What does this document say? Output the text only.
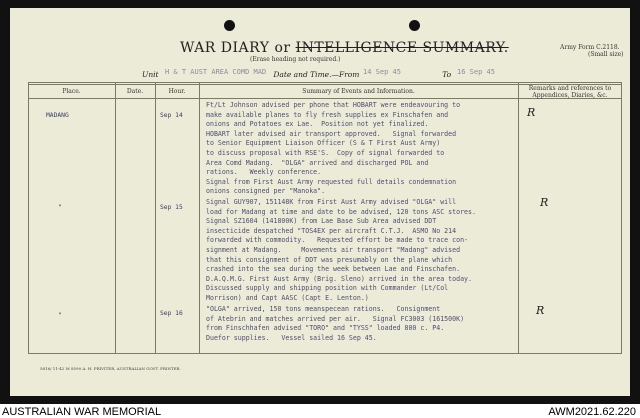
WAR DIARY or INTELLIGENCE SUMMARY.
(Erase heading not required.)
Army Form C.2118.
(Small size)
Unit	Date and Time.—From	To
H & T AUST AREA COMD MAD	14 Sep 45	16 Sep 45
Place.	Date.	Hour.	Summary of Events and Information.	Remarks and references to Appendices, Diaries, &c.
MADANG	Sep 14
Ft/Lt Johnson advised per phone that HOBART were endeavouring to
make available planes to fly fresh supplies ex Finschafen and
onions and Potatoes ex Lae.  Position not yet finalized.
HOBART later advised air transport approved.   Signal forwarded
to Senior Equipment Liaison Officer (S & T First Aust Army)
to discuss proposal with RSE'S.  Copy of signal forwarded to
Area Comd Madang.  "OLGA" arrived and discharged POL and
rations.   Weekly conference.
Signal from First Aust Army requested full details condemnation
onions consigned per "Manoka".
R
"	Sep 15
Signal GUY907, 151148K from First Aust Army advised "OLGA" will
load for Madang at time and date to be advised, 120 tons ASC stores.
Signal SZ1604 (141800K) from Lae Base Sub Area advised DDT
insecticide despatched "TOS4EX per aircraft C.T.J.  ASMO No 214
forwarded with commodity.   Requested effort be made to trace con-
signment at Madang.     Movements air transport "Madang" advised
that this consignment of DDT was presumably on the plane which
crashed into the sea during the week between Lae and Finschafen.
D.A.Q.M.G. First Aust Army (Brig. Sleno) arrived in the area today.
Discussed supply and shipping position with Commander (Lt/Col
Morrison) and Capt AASC (Capt E. Lenton.)
R
"	Sep 16
"OLGA" arrived, 150 tons meanspecean rations.   Consignment
of Atebrin and matches arrived per air.   Signal FC3003 (161500K)
from Finschhafen advised "TORO" and "TYSS" loaded 800 c. P4.
Duefor supplies.   Vessel sailed 16 Sep 45.
R
5816/ 11-42 M 8590 A. H. PRIVITER, AUSTRALIAN GOVT. PRINTER.
AUSTRALIAN WAR MEMORIAL	AWM2021.62.220
